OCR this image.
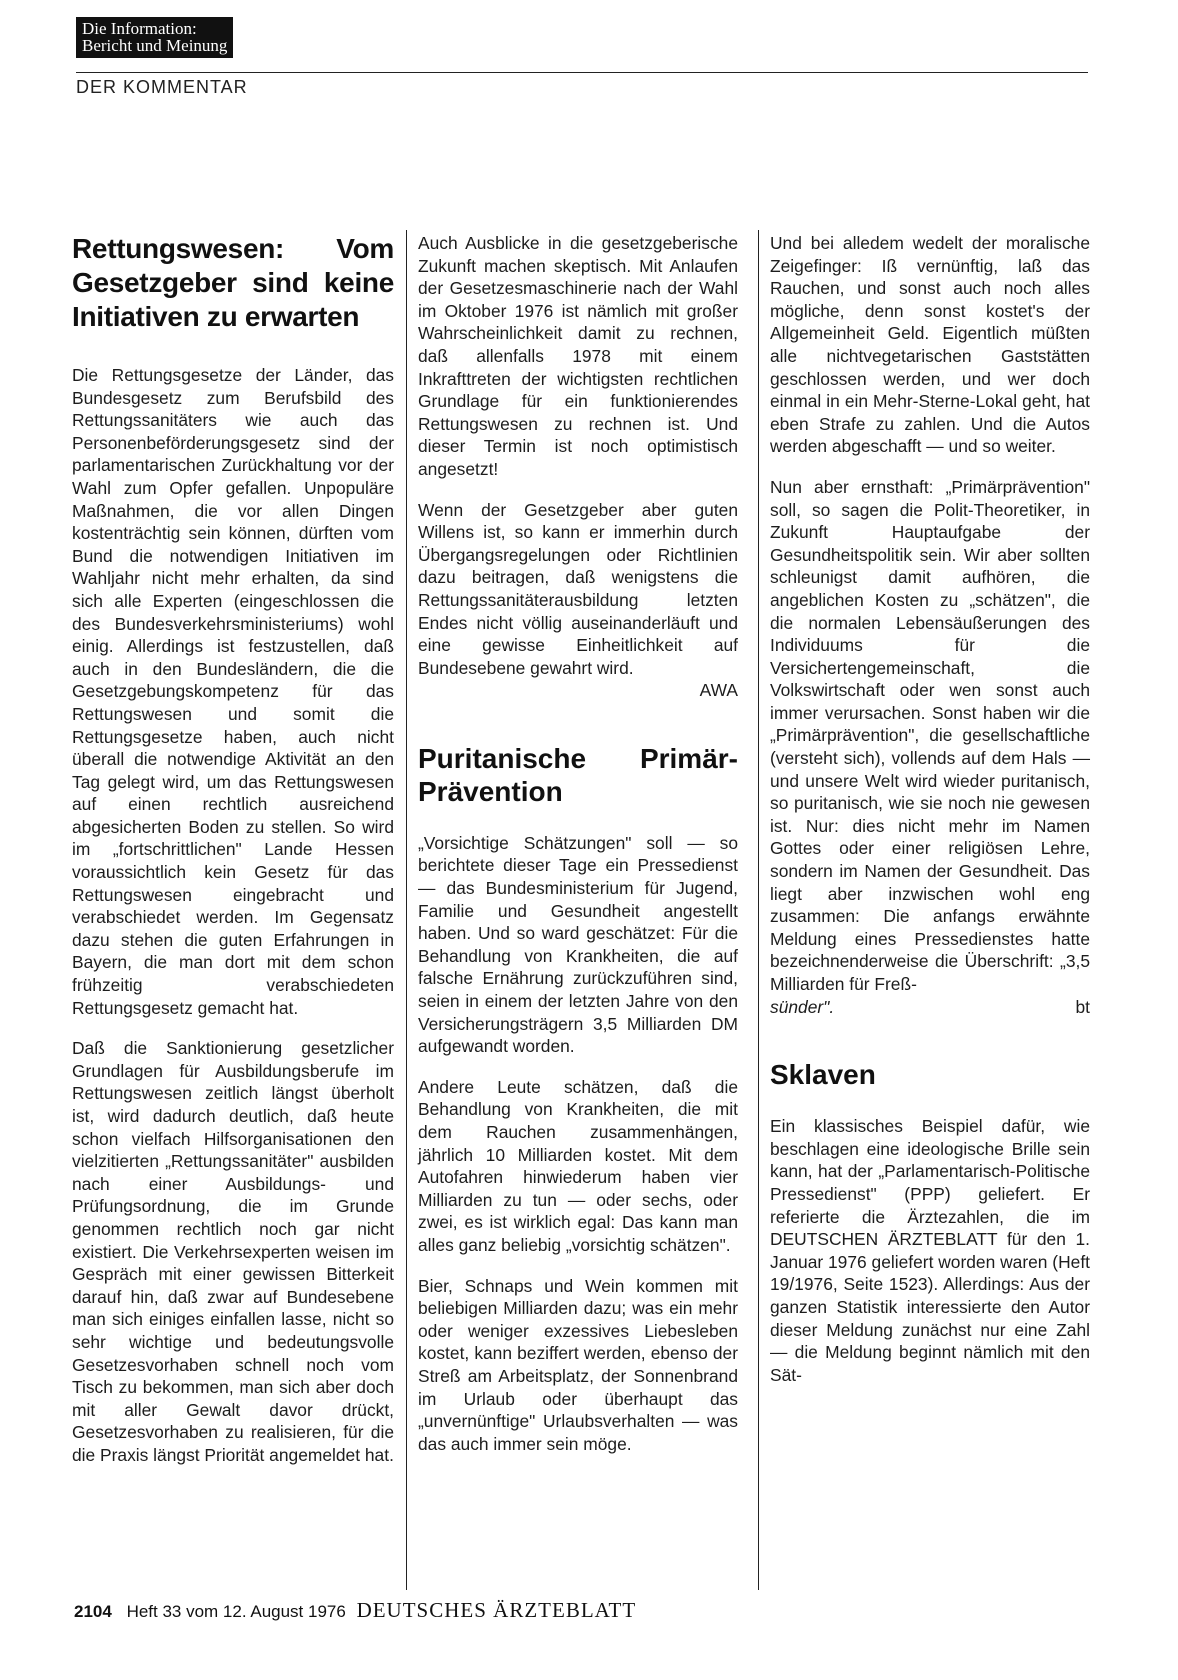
Die Information:
Bericht und Meinung
DER KOMMENTAR
Rettungswesen: Vom Gesetzgeber sind keine Initiativen zu erwarten

Die Rettungsgesetze der Länder, das Bundesgesetz zum Berufsbild des Rettungssanitäters wie auch das Personenbeförderungsgesetz sind der parlamentarischen Zurückhaltung vor der Wahl zum Opfer gefallen. Unpopuläre Maßnahmen, die vor allen Dingen kostenträchtig sein können, dürften vom Bund die notwendigen Initiativen im Wahljahr nicht mehr erhalten, da sind sich alle Experten (eingeschlossen die des Bundesverkehrsministeriums) wohl einig. Allerdings ist festzustellen, daß auch in den Bundesländern, die die Gesetzgebungskompetenz für das Rettungswesen und somit die Rettungsgesetze haben, auch nicht überall die notwendige Aktivität an den Tag gelegt wird, um das Rettungswesen auf einen rechtlich ausreichend abgesicherten Boden zu stellen. So wird im „fortschrittlichen" Lande Hessen voraussichtlich kein Gesetz für das Rettungswesen eingebracht und verabschiedet werden. Im Gegensatz dazu stehen die guten Erfahrungen in Bayern, die man dort mit dem schon frühzeitig verabschiedeten Rettungsgesetz gemacht hat.

Daß die Sanktionierung gesetzlicher Grundlagen für Ausbildungsberufe im Rettungswesen zeitlich längst überholt ist, wird dadurch deutlich, daß heute schon vielfach Hilfsorganisationen den vielzitierten „Rettungssanitäter" ausbilden nach einer Ausbildungs- und Prüfungsordnung, die im Grunde genommen rechtlich noch gar nicht existiert. Die Verkehrsexperten weisen im Gespräch mit einer gewissen Bitterkeit darauf hin, daß zwar auf Bundesebene man sich einiges einfallen lasse, nicht so sehr wichtige und bedeutungsvolle Gesetzesvorhaben schnell noch vom Tisch zu bekommen, man sich aber doch mit aller Gewalt davor drückt, Gesetzesvorhaben zu realisieren, für die die Praxis längst Priorität angemeldet hat.

Auch Ausblicke in die gesetzgeberische Zukunft machen skeptisch. Mit Anlaufen der Gesetzesmaschinerie nach der Wahl im Oktober 1976 ist nämlich mit großer Wahrscheinlichkeit damit zu rechnen, daß allenfalls 1978 mit einem Inkrafttreten der wichtigsten rechtlichen Grundlage für ein funktionierendes Rettungswesen zu rechnen ist. Und dieser Termin ist noch optimistisch angesetzt!

Wenn der Gesetzgeber aber guten Willens ist, so kann er immerhin durch Übergangsregelungen oder Richtlinien dazu beitragen, daß wenigstens die Rettungssanitäterausbildung letzten Endes nicht völlig auseinanderläuft und eine gewisse Einheitlichkeit auf Bundesebene gewahrt wird.

AWA
Puritanische Primär-Prävention

„Vorsichtige Schätzungen" soll — so berichtete dieser Tage ein Pressedienst — das Bundesministerium für Jugend, Familie und Gesundheit angestellt haben. Und so ward geschätzet: Für die Behandlung von Krankheiten, die auf falsche Ernährung zurückzuführen sind, seien in einem der letzten Jahre von den Versicherungsträgern 3,5 Milliarden DM aufgewandt worden.

Andere Leute schätzen, daß die Behandlung von Krankheiten, die mit dem Rauchen zusammenhängen, jährlich 10 Milliarden kostet. Mit dem Autofahren hinwiederum haben vier Milliarden zu tun — oder sechs, oder zwei, es ist wirklich egal: Das kann man alles ganz beliebig „vorsichtig schätzen".

Bier, Schnaps und Wein kommen mit beliebigen Milliarden dazu; was ein mehr oder weniger exzessives Liebesleben kostet, kann beziffert werden, ebenso der Streß am Arbeitsplatz, der Sonnenbrand im Urlaub oder überhaupt das „unvernünftige" Urlaubsverhalten — was das auch immer sein möge.

Und bei alledem wedelt der moralische Zeigefinger: Iß vernünftig, laß das Rauchen, und sonst auch noch alles mögliche, denn sonst kostet's der Allgemeinheit Geld. Eigentlich müßten alle nichtvegetarischen Gaststätten geschlossen werden, und wer doch einmal in ein Mehr-Sterne-Lokal geht, hat eben Strafe zu zahlen. Und die Autos werden abgeschafft — und so weiter.

Nun aber ernsthaft: „Primärprävention" soll, so sagen die Polit-Theoretiker, in Zukunft Hauptaufgabe der Gesundheitspolitik sein. Wir aber sollten schleunigst damit aufhören, die angeblichen Kosten zu „schätzen", die die normalen Lebensäußerungen des Individuums für die Versichertengemeinschaft, die Volkswirtschaft oder wen sonst auch immer verursachen. Sonst haben wir die „Primärprävention", die gesellschaftliche (versteht sich), vollends auf dem Hals — und unsere Welt wird wieder puritanisch, so puritanisch, wie sie noch nie gewesen ist. Nur: dies nicht mehr im Namen Gottes oder einer religiösen Lehre, sondern im Namen der Gesundheit. Das liegt aber inzwischen wohl eng zusammen: Die anfangs erwähnte Meldung eines Pressedienstes hatte bezeichnenderweise die Überschrift: „3,5 Milliarden für Freß-

sünder".	bt
Sklaven

Ein klassisches Beispiel dafür, wie beschlagen eine ideologische Brille sein kann, hat der „Parlamentarisch-Politische Pressedienst" (PPP) geliefert. Er referierte die Ärztezahlen, die im DEUTSCHEN ÄRZTEBLATT für den 1. Januar 1976 geliefert worden waren (Heft 19/1976, Seite 1523). Allerdings: Aus der ganzen Statistik interessierte den Autor dieser Meldung zunächst nur eine Zahl — die Meldung beginnt nämlich mit den Sät-

2104 Heft 33 vom 12. August 1976 DEUTSCHES ÄRZTEBLATT
